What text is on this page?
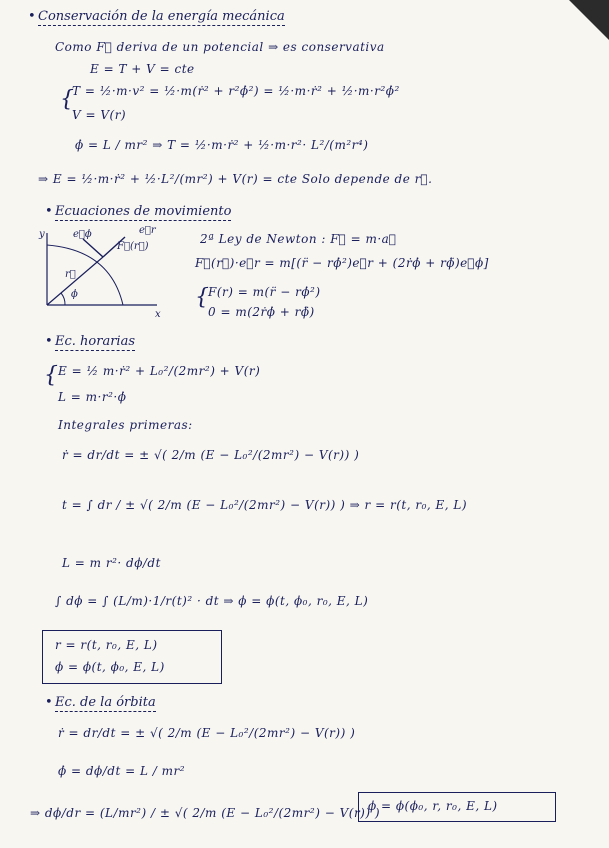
• Conservación de la energía mecánica
Como F⃗ deriva de un potencial ⇒ es conservativa
E = T + V = cte
{
T = ½·m·v² = ½·m(ṙ² + r²ϕ̇²) = ½·m·ṙ² + ½·m·r²ϕ̇²
V = V(r)
ϕ̇ = L / mr² ⇒ T = ½·m·ṙ² + ½·m·r²· L²/(m²r⁴)
⇒ E = ½·m·ṙ² + ½·L²/(mr²) + V(r) = cte Solo depende de r⃗.
• Ecuaciones de movimiento
y
x
e⃗ϕ	e⃗r
F⃗(r⃗)
r⃗
ϕ
2ª Ley de Newton : F⃗ = m·a⃗
F⃗(r⃗)·e⃗r = m[(r̈ − rϕ̇²)e⃗r + (2ṙϕ̇ + rϕ̈)e⃗ϕ]
{
F(r) = m(r̈ − rϕ̇²)
0 = m(2ṙϕ̇ + rϕ̈)
• Ec. horarias
{ E = ½ m·ṙ² + L₀²/(2mr²) + V(r)
L = m·r²·ϕ̇
Integrales primeras:
ṙ = dr/dt = ± √( 2/m (E − L₀²/(2mr²) − V(r)) )
t = ∫ dr / ± √( 2/m (E − L₀²/(2mr²) − V(r)) ) ⇒ r = r(t, r₀, E, L)
L = m r²· dϕ/dt
∫ dϕ = ∫ (L/m)·1/r(t)² · dt ⇒ ϕ = ϕ(t, ϕ₀, r₀, E, L)
r = r(t, r₀, E, L)
ϕ = ϕ(t, ϕ₀, E, L)
• Ec. de la órbita
ṙ = dr/dt = ± √( 2/m (E − L₀²/(2mr²) − V(r)) )
ϕ̇ = dϕ/dt = L / mr²
⇒ dϕ/dr = (L/mr²) / ± √( 2/m (E − L₀²/(2mr²) − V(r)) )
ϕ = ϕ(ϕ₀, r, r₀, E, L)
